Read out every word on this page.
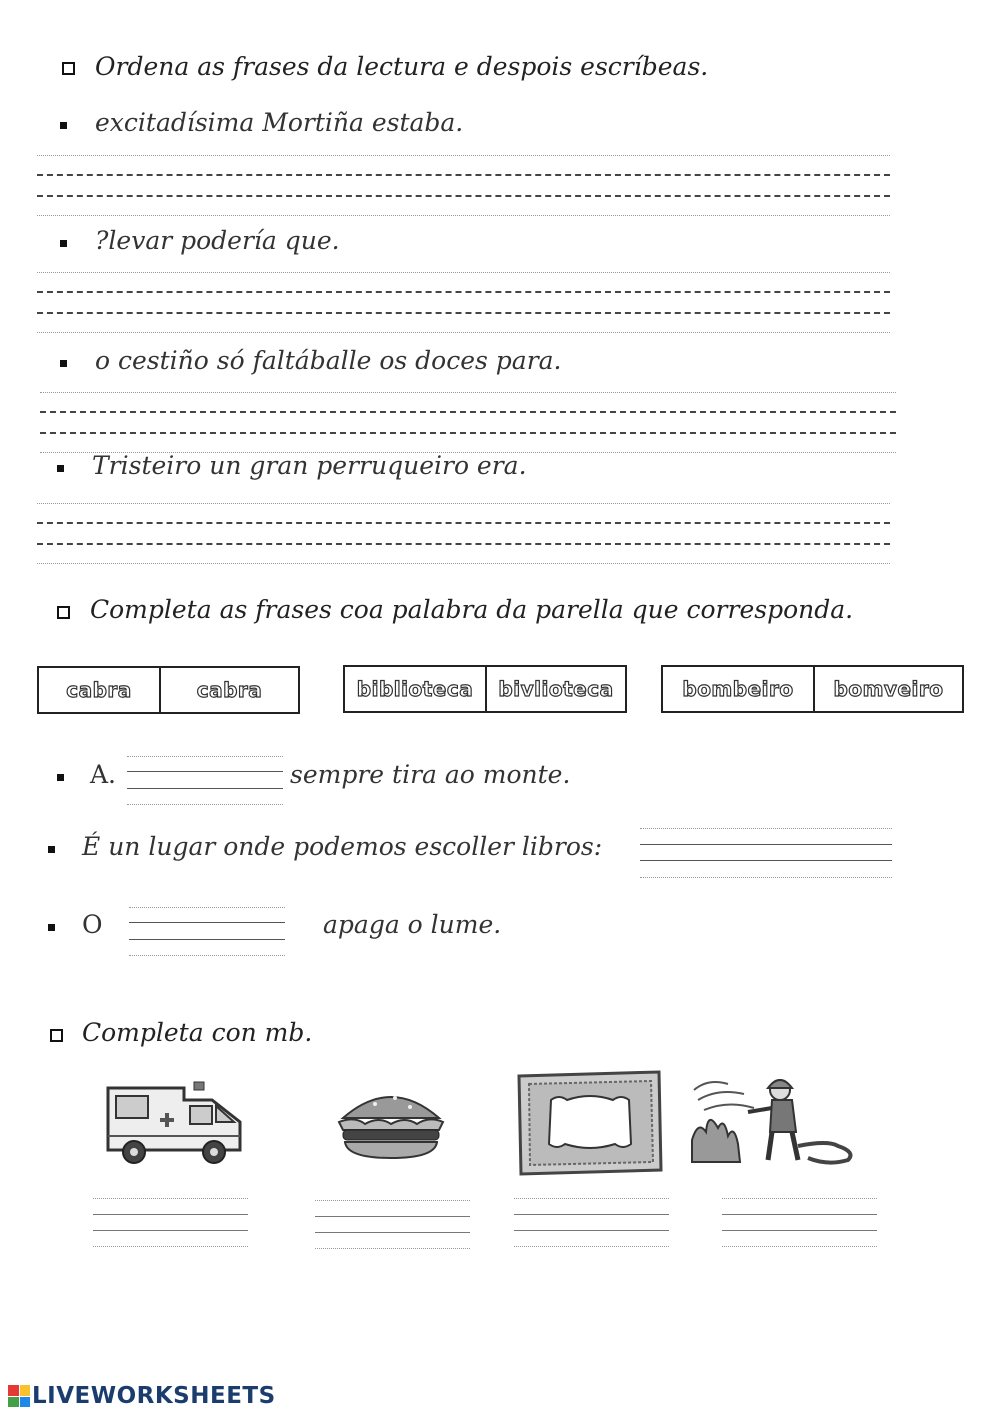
Ordena as frases da lectura e despois escríbeas.
excitadísima Mortiña estaba.
?levar podería que.
o cestiño só faltáballe os doces para.
Tristeiro un gran perruqueiro era.
Completa as frases coa palabra da parella que corresponda.
cabra	cabra	biblioteca	bivlioteca	bombeiro	bomveiro
A.	sempre tira ao monte.
É un lugar onde podemos escoller libros:
O	apaga o lume.
Completa con mb.
LIVEWORKSHEETS
